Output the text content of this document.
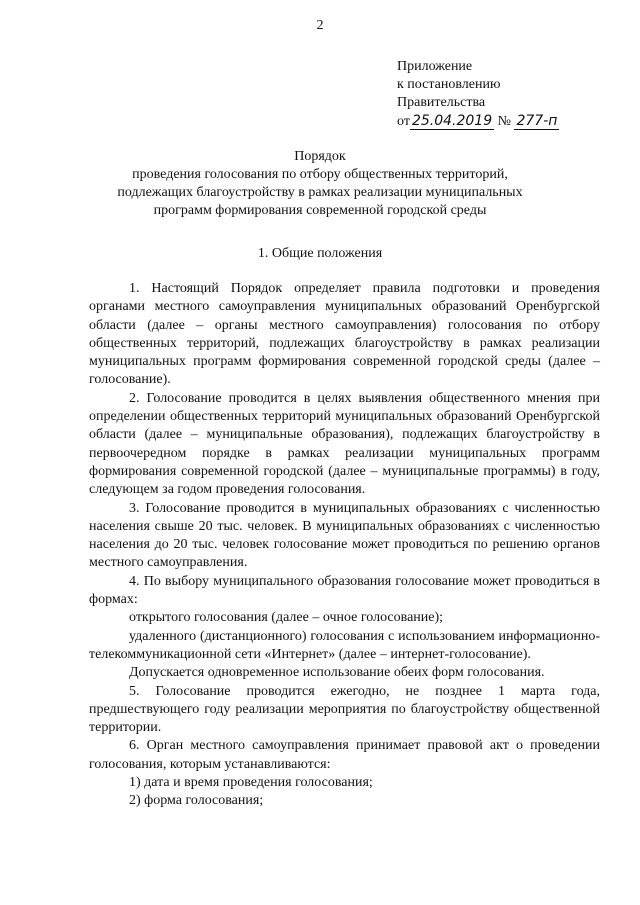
2
Приложение
к постановлению
Правительства
от 25.04.2019 № 277-п
Порядок
проведения голосования по отбору общественных территорий,
подлежащих благоустройству в рамках реализации муниципальных
программ формирования современной городской среды
1. Общие положения

1. Настоящий Порядок определяет правила подготовки и проведения органами местного самоуправления муниципальных образований Оренбургской области (далее – органы местного самоуправления) голосования по отбору общественных территорий, подлежащих благоустройству в рамках реализации муниципальных программ формирования современной городской среды (далее – голосование).

2. Голосование проводится в целях выявления общественного мнения при определении общественных территорий муниципальных образований Оренбургской области (далее – муниципальные образования), подлежащих благоустройству в первоочередном порядке в рамках реализации муниципальных программ формирования современной городской (далее – муниципальные программы) в году, следующем за годом проведения голосования.

3. Голосование проводится в муниципальных образованиях с численностью населения свыше 20 тыс. человек. В муниципальных образованиях с численностью населения до 20 тыс. человек голосование может проводиться по решению органов местного самоуправления.

4. По выбору муниципального образования голосование может проводиться в формах:

открытого голосования (далее – очное голосование);

удаленного (дистанционного) голосования с использованием информационно-телекоммуникационной сети «Интернет» (далее – интернет-голосование).

Допускается одновременное использование обеих форм голосования.

5. Голосование проводится ежегодно, не позднее 1 марта года, предшествующего году реализации мероприятия по благоустройству общественной территории.

6. Орган местного самоуправления принимает правовой акт о проведении голосования, которым устанавливаются:

1) дата и время проведения голосования;

2) форма голосования;
